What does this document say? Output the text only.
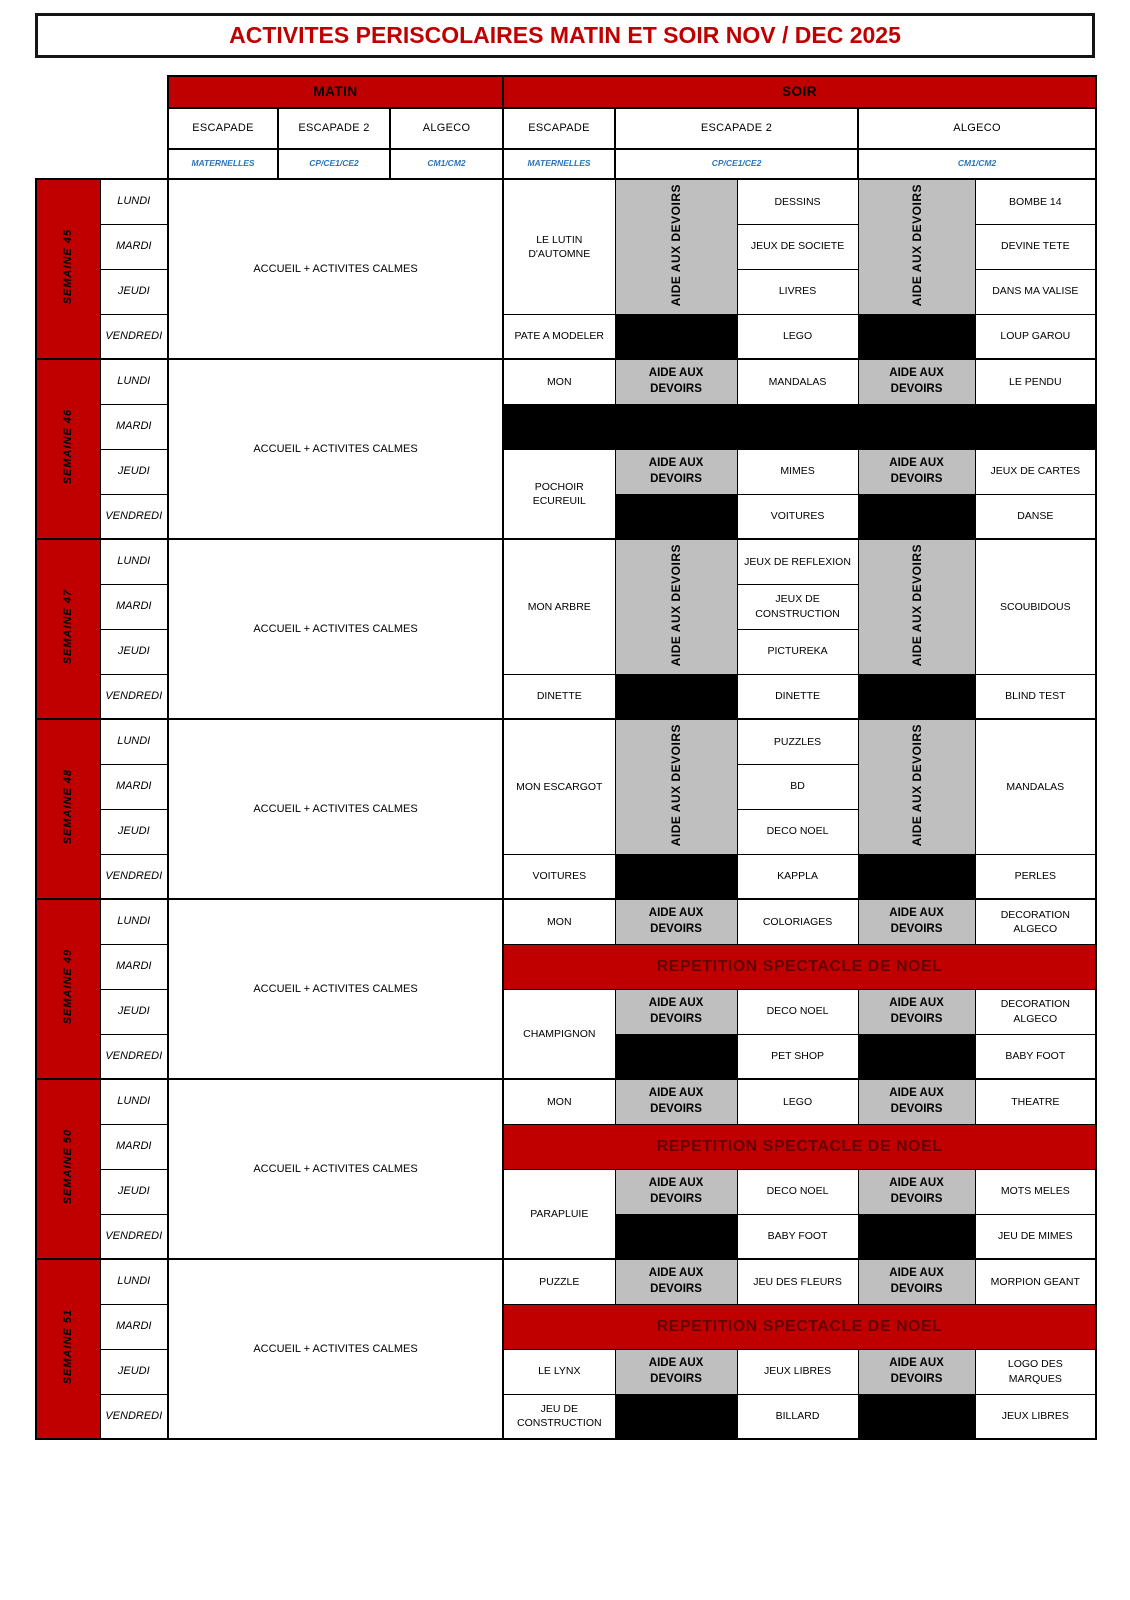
ACTIVITES PERISCOLAIRES MATIN ET SOIR NOV / DEC 2025
		MATIN			SOIR				
		ESCAPADE	ESCAPADE 2	ALGECO	ESCAPADE	ESCAPADE 2		ALGECO	
		MATERNELLES	CP/CE1/CE2	CM1/CM2	MATERNELLES	CP/CE1/CE2		CM1/CM2	
SEMAINE 45	LUNDI	ACCUEIL + ACTIVITES CALMES			LE LUTIN D'AUTOMNE	AIDE AUX DEVOIRS	DESSINS	AIDE AUX DEVOIRS	BOMBE 14
	MARDI						JEUX DE SOCIETE		DEVINE TETE
	JEUDI						LIVRES		DANS MA VALISE
	VENDREDI				PATE A MODELER		LEGO		LOUP GAROU
SEMAINE 46	LUNDI	ACCUEIL + ACTIVITES CALMES			MON	AIDE AUX DEVOIRS	MANDALAS	AIDE AUX DEVOIRS	LE PENDU
	MARDI								
	JEUDI				POCHOIR ECUREUIL	AIDE AUX DEVOIRS	MIMES	AIDE AUX DEVOIRS	JEUX DE CARTES
	VENDREDI						VOITURES		DANSE
SEMAINE 47	LUNDI	ACCUEIL + ACTIVITES CALMES			MON ARBRE	AIDE AUX DEVOIRS	JEUX DE REFLEXION	AIDE AUX DEVOIRS	SCOUBIDOUS
	MARDI						JEUX DE CONSTRUCTION		
	JEUDI						PICTUREKA		
	VENDREDI				DINETTE		DINETTE		BLIND TEST
SEMAINE 48	LUNDI	ACCUEIL + ACTIVITES CALMES			MON ESCARGOT	AIDE AUX DEVOIRS	PUZZLES	AIDE AUX DEVOIRS	MANDALAS
	MARDI						BD		
	JEUDI						DECO NOEL		
	VENDREDI				VOITURES		KAPPLA		PERLES
SEMAINE 49	LUNDI	ACCUEIL + ACTIVITES CALMES			MON	AIDE AUX DEVOIRS	COLORIAGES	AIDE AUX DEVOIRS	DECORATION ALGECO
	MARDI				REPETITION SPECTACLE DE NOEL				
	JEUDI				CHAMPIGNON	AIDE AUX DEVOIRS	DECO NOEL	AIDE AUX DEVOIRS	DECORATION ALGECO
	VENDREDI						PET SHOP		BABY FOOT
SEMAINE 50	LUNDI	ACCUEIL + ACTIVITES CALMES			MON	AIDE AUX DEVOIRS	LEGO	AIDE AUX DEVOIRS	THEATRE
	MARDI				REPETITION SPECTACLE DE NOEL				
	JEUDI				PARAPLUIE	AIDE AUX DEVOIRS	DECO NOEL	AIDE AUX DEVOIRS	MOTS MELES
	VENDREDI						BABY FOOT		JEU DE MIMES
SEMAINE 51	LUNDI	ACCUEIL + ACTIVITES CALMES			PUZZLE	AIDE AUX DEVOIRS	JEU DES FLEURS	AIDE AUX DEVOIRS	MORPION GEANT
	MARDI				REPETITION SPECTACLE DE NOEL				
	JEUDI				LE LYNX	AIDE AUX DEVOIRS	JEUX LIBRES	AIDE AUX DEVOIRS	LOGO DES MARQUES
	VENDREDI				JEU DE CONSTRUCTION		BILLARD		JEUX LIBRES
